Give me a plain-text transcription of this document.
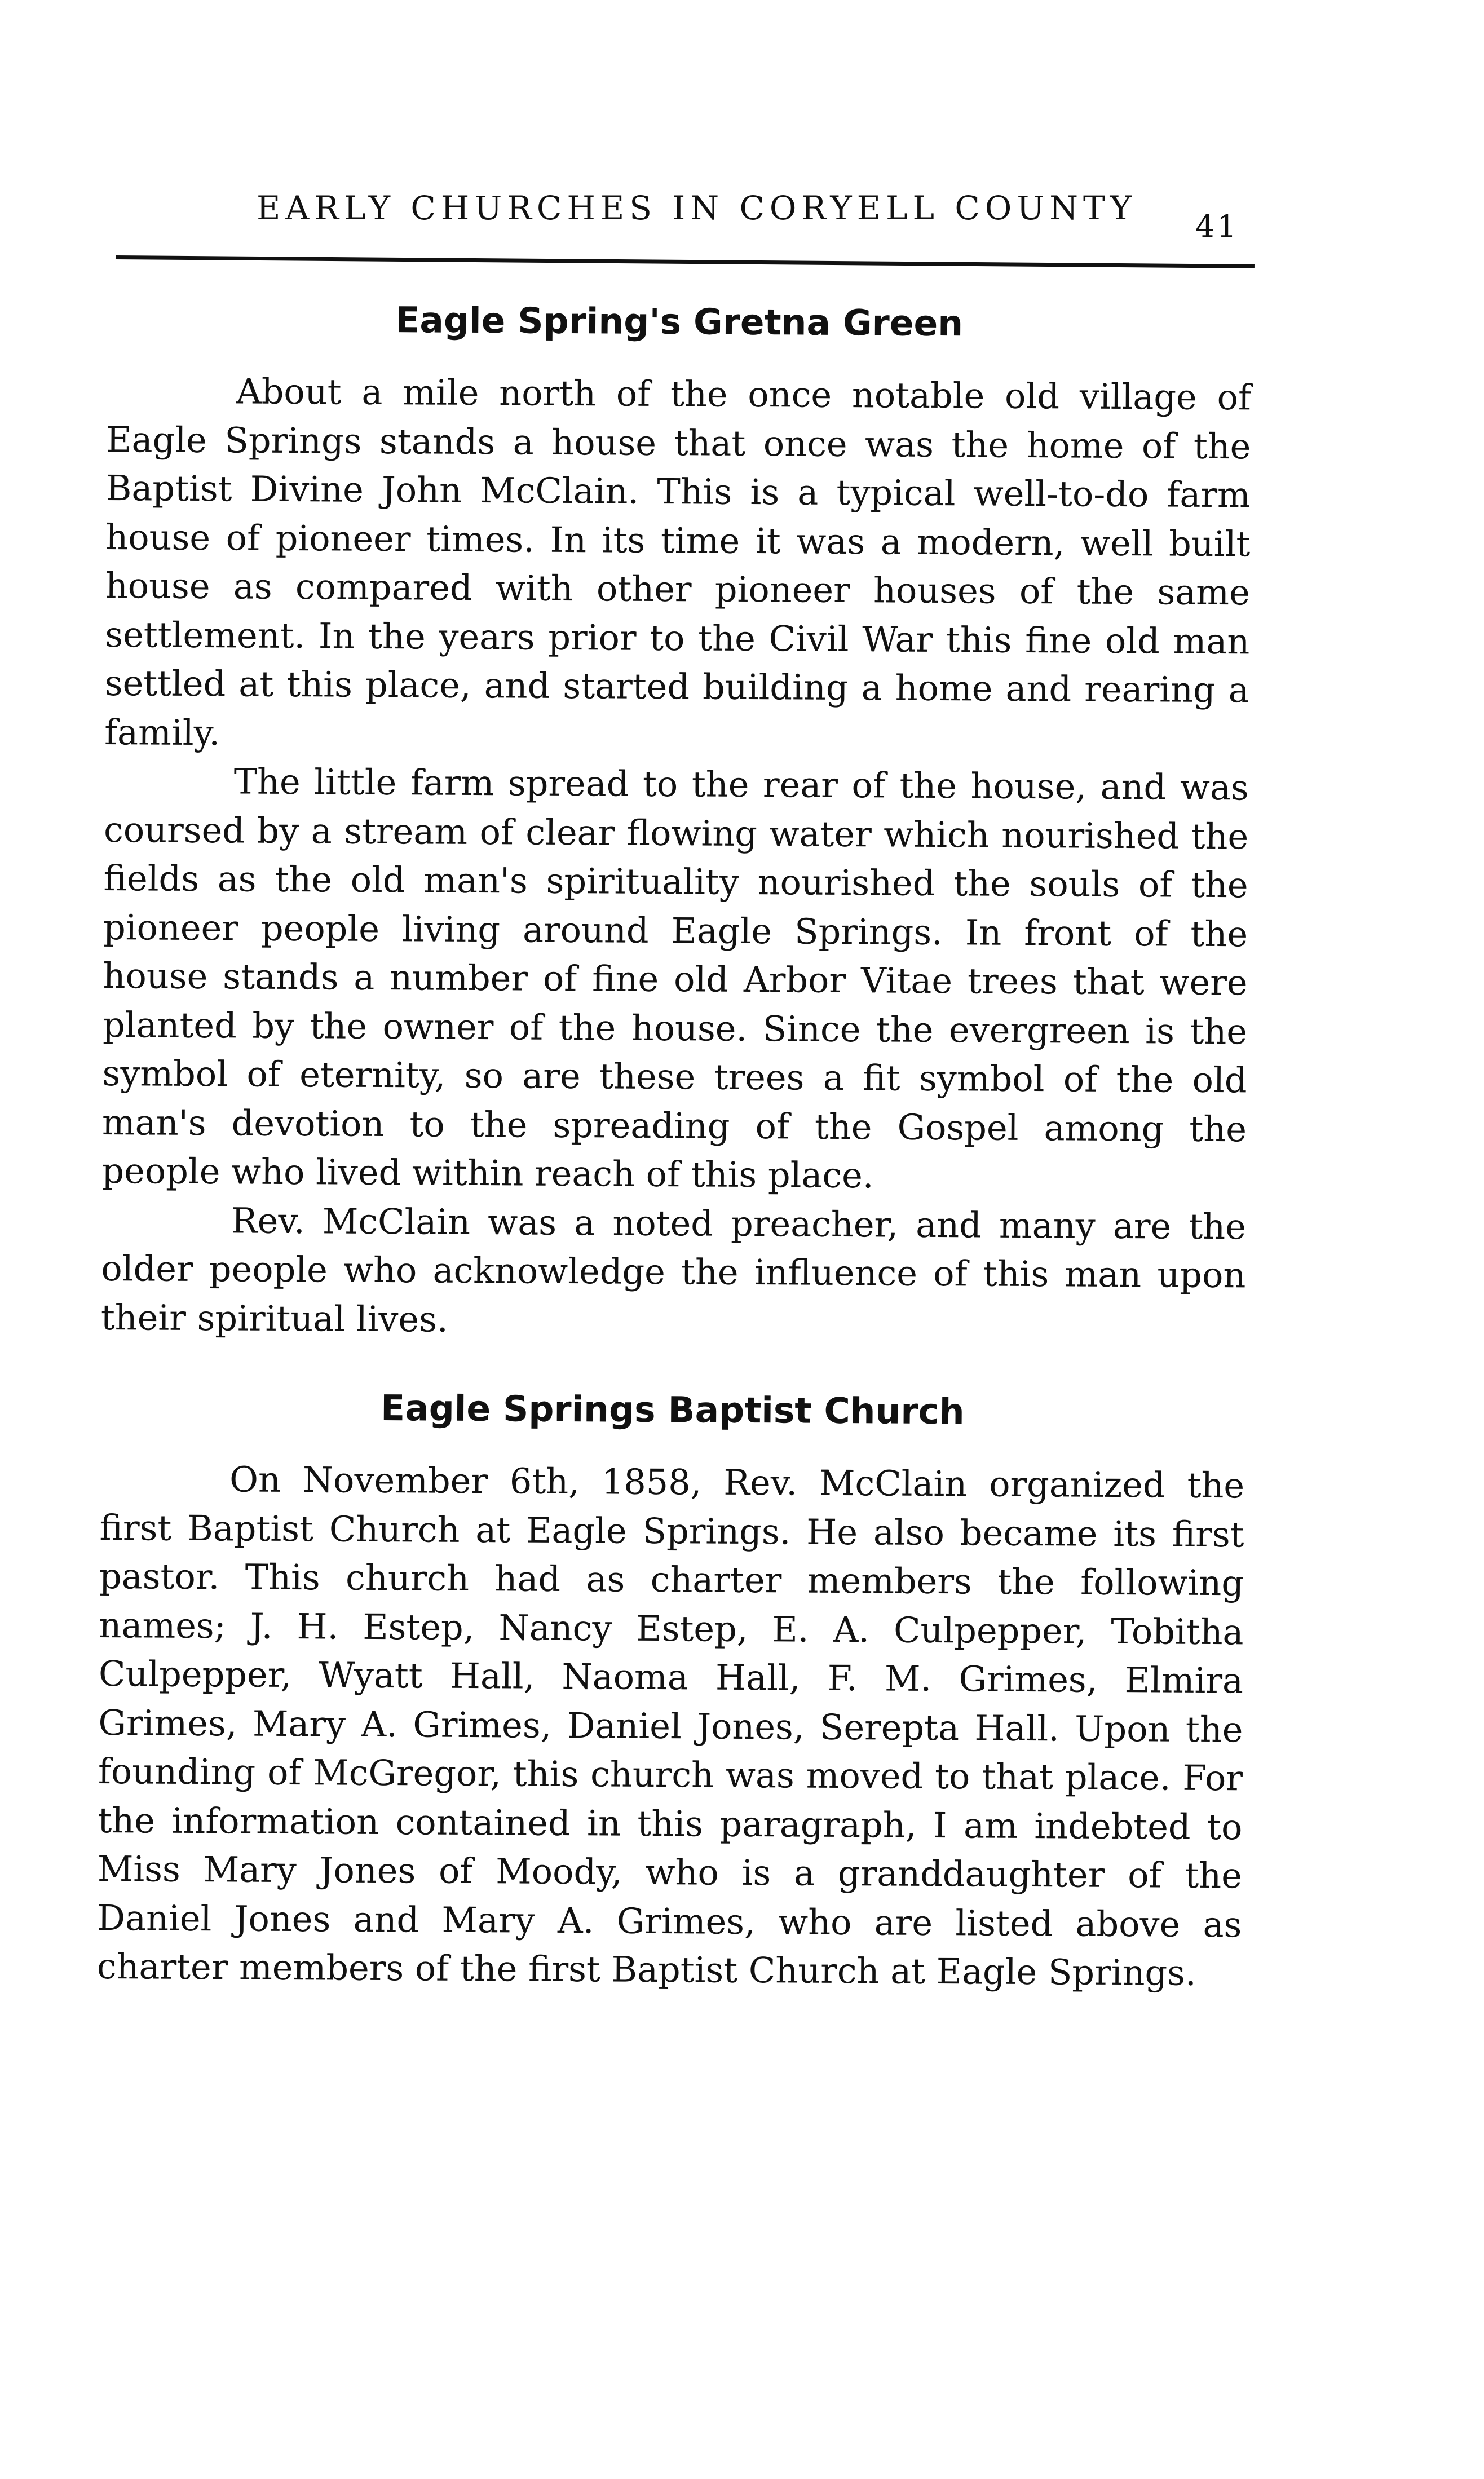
EARLY CHURCHES IN CORYELL COUNTY 41
Eagle Spring's Gretna Green

About a mile north of the once notable old village of Eagle Springs stands a house that once was the home of the Baptist Divine John McClain. This is a typical well-to-do farm house of pioneer times. In its time it was a modern, well built house as compared with other pioneer houses of the same settlement. In the years prior to the Civil War this fine old man settled at this place, and started building a home and rearing a family.

The little farm spread to the rear of the house, and was coursed by a stream of clear flowing water which nourished the fields as the old man's spirituality nourished the souls of the pioneer people living around Eagle Springs. In front of the house stands a number of fine old Arbor Vitae trees that were planted by the owner of the house. Since the evergreen is the symbol of eternity, so are these trees a fit symbol of the old man's devotion to the spreading of the Gospel among the people who lived within reach of this place.

Rev. McClain was a noted preacher, and many are the older people who acknowledge the influence of this man upon their spiritual lives.

Eagle Springs Baptist Church

On November 6th, 1858, Rev. McClain organized the first Baptist Church at Eagle Springs. He also became its first pastor. This church had as charter members the following names; J. H. Estep, Nancy Estep, E. A. Culpepper, Tobitha Culpepper, Wyatt Hall, Naoma Hall, F. M. Grimes, Elmira Grimes, Mary A. Grimes, Daniel Jones, Serepta Hall. Upon the founding of McGregor, this church was moved to that place. For the information contained in this paragraph, I am indebted to Miss Mary Jones of Moody, who is a granddaughter of the Daniel Jones and Mary A. Grimes, who are listed above as charter members of the first Baptist Church at Eagle Springs.
